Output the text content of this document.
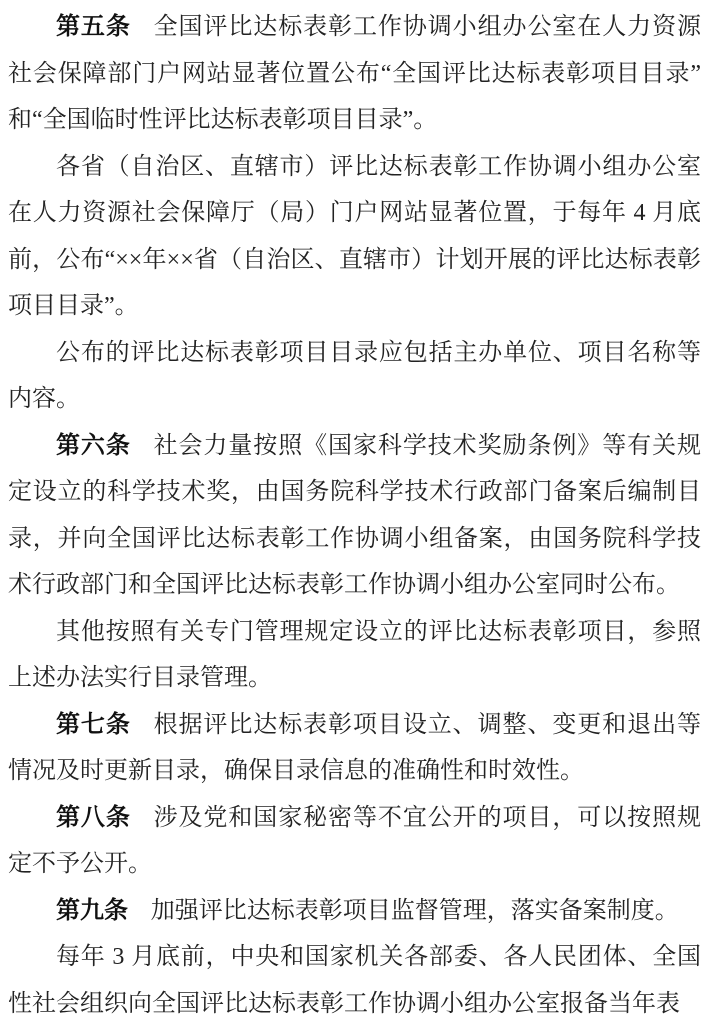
第五条 全国评比达标表彰工作协调小组办公室在人力资源社会保障部门户网站显著位置公布“全国评比达标表彰项目目录”和“全国临时性评比达标表彰项目目录”。

各省（自治区、直辖市）评比达标表彰工作协调小组办公室在人力资源社会保障厅（局）门户网站显著位置，于每年 4 月底前，公布“××年××省（自治区、直辖市）计划开展的评比达标表彰项目目录”。

公布的评比达标表彰项目目录应包括主办单位、项目名称等内容。

第六条 社会力量按照《国家科学技术奖励条例》等有关规定设立的科学技术奖，由国务院科学技术行政部门备案后编制目录，并向全国评比达标表彰工作协调小组备案，由国务院科学技术行政部门和全国评比达标表彰工作协调小组办公室同时公布。

其他按照有关专门管理规定设立的评比达标表彰项目，参照上述办法实行目录管理。

第七条 根据评比达标表彰项目设立、调整、变更和退出等情况及时更新目录，确保目录信息的准确性和时效性。

第八条 涉及党和国家秘密等不宜公开的项目，可以按照规定不予公开。

第九条 加强评比达标表彰项目监督管理，落实备案制度。

每年 3 月底前，中央和国家机关各部委、各人民团体、全国性社会组织向全国评比达标表彰工作协调小组办公室报备当年表
